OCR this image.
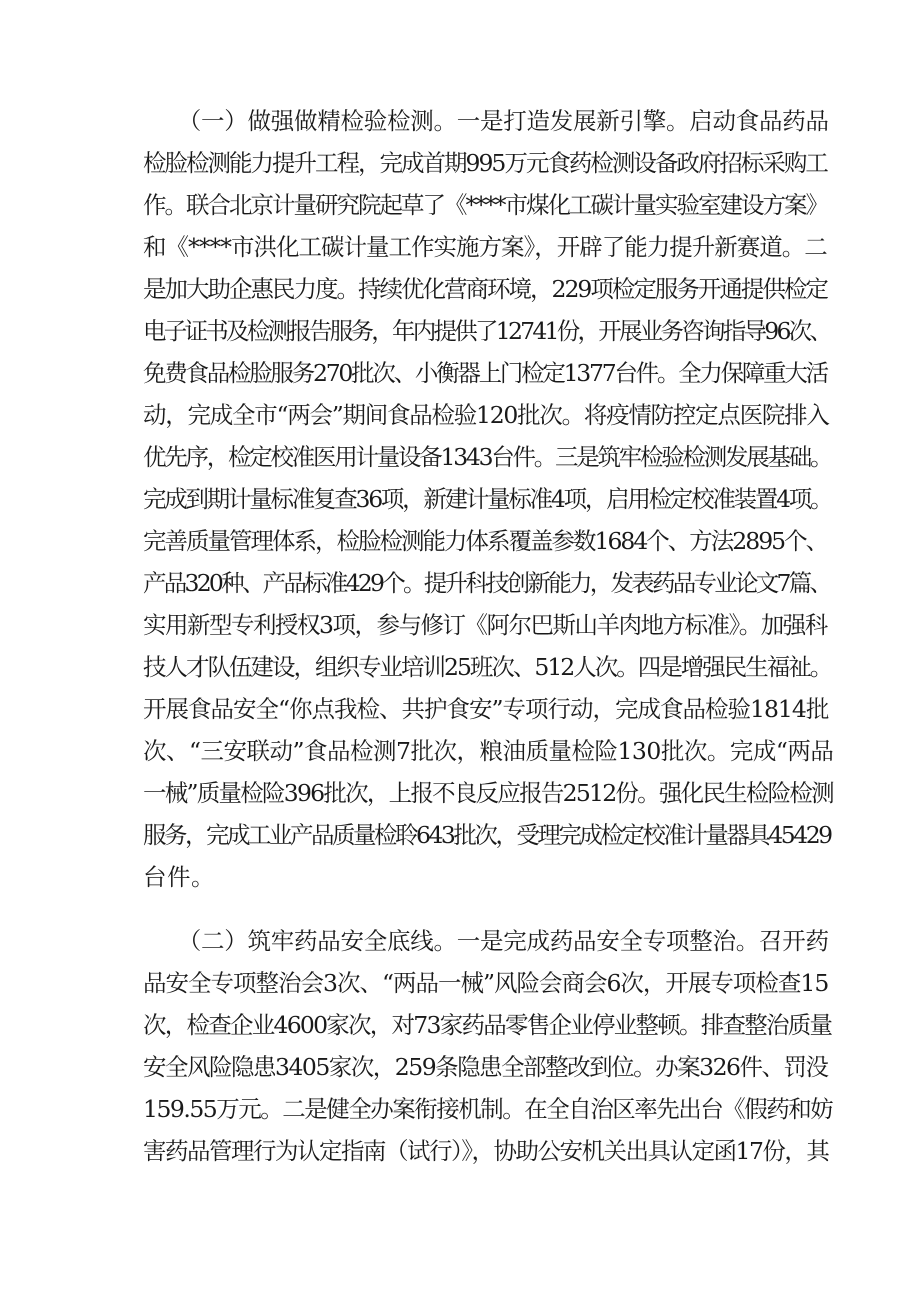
　　（一）做强做精检验检测。一是打造发展新引擎。启动食品药品
检脸检测能力提升工程，完成首期995万元食药检测设备政府招标采购工
作。联合北京计量研究院起草了《****市煤化工碳计量实验室建设方案》
和《****市洪化工碳计量工作实施方案》，开辟了能力提升新赛道。二
是加大助企惠民力度。持续优化营商环境，229项检定服务开通提供检定
电子证书及检测报告服务，年内提供了12741份，开展业务咨询指导96次、
免费食品检脸服务270批次、小衡器上门检定1377台件。全力保障重大活
动，完成全市“两会”期间食品检验120批次。将疫情防控定点医院排入
优先序，检定校准医用计量设备1343台件。三是筑牢检验检测发展基础。
完成到期计量标准复查36项，新建计量标准4项，启用检定校准装置4项。
完善质量管理体系，检脸检测能力体系覆盖参数1684个、方法2895个、
产品320种、产品标准429个。提升科技创新能力，发表药品专业论文7篇、
实用新型专利授权3项，参与修订《阿尔巴斯山羊肉地方标准》。加强科
技人才队伍建设，组织专业培训25班次、512人次。四是增强民生福祉。
开展食品安全“你点我检、共护食安”专项行动，完成食品检验1814批
次、“三安联动”食品检测7批次，粮油质量检险130批次。完成“两品
一械”质量检险396批次，上报不良反应报告2512份。强化民生检险检测
服务，完成工业产品质量检聆643批次，受理完成检定校准计量器具45429
台件。
　　（二）筑牢药品安全底线。一是完成药品安全专项整治。召开药
品安全专项整治会3次、“两品一械”风险会商会6次，开展专项检查15
次，检查企业4600家次，对73家药品零售企业停业整顿。排查整治质量
安全风险隐患3405家次，259条隐患全部整改到位。办案326件、罚没
159.55万元。二是健全办案衔接机制。在全自治区率先出台《假药和妨
害药品管理行为认定指南（试行）》，协助公安机关出具认定函17份，其
